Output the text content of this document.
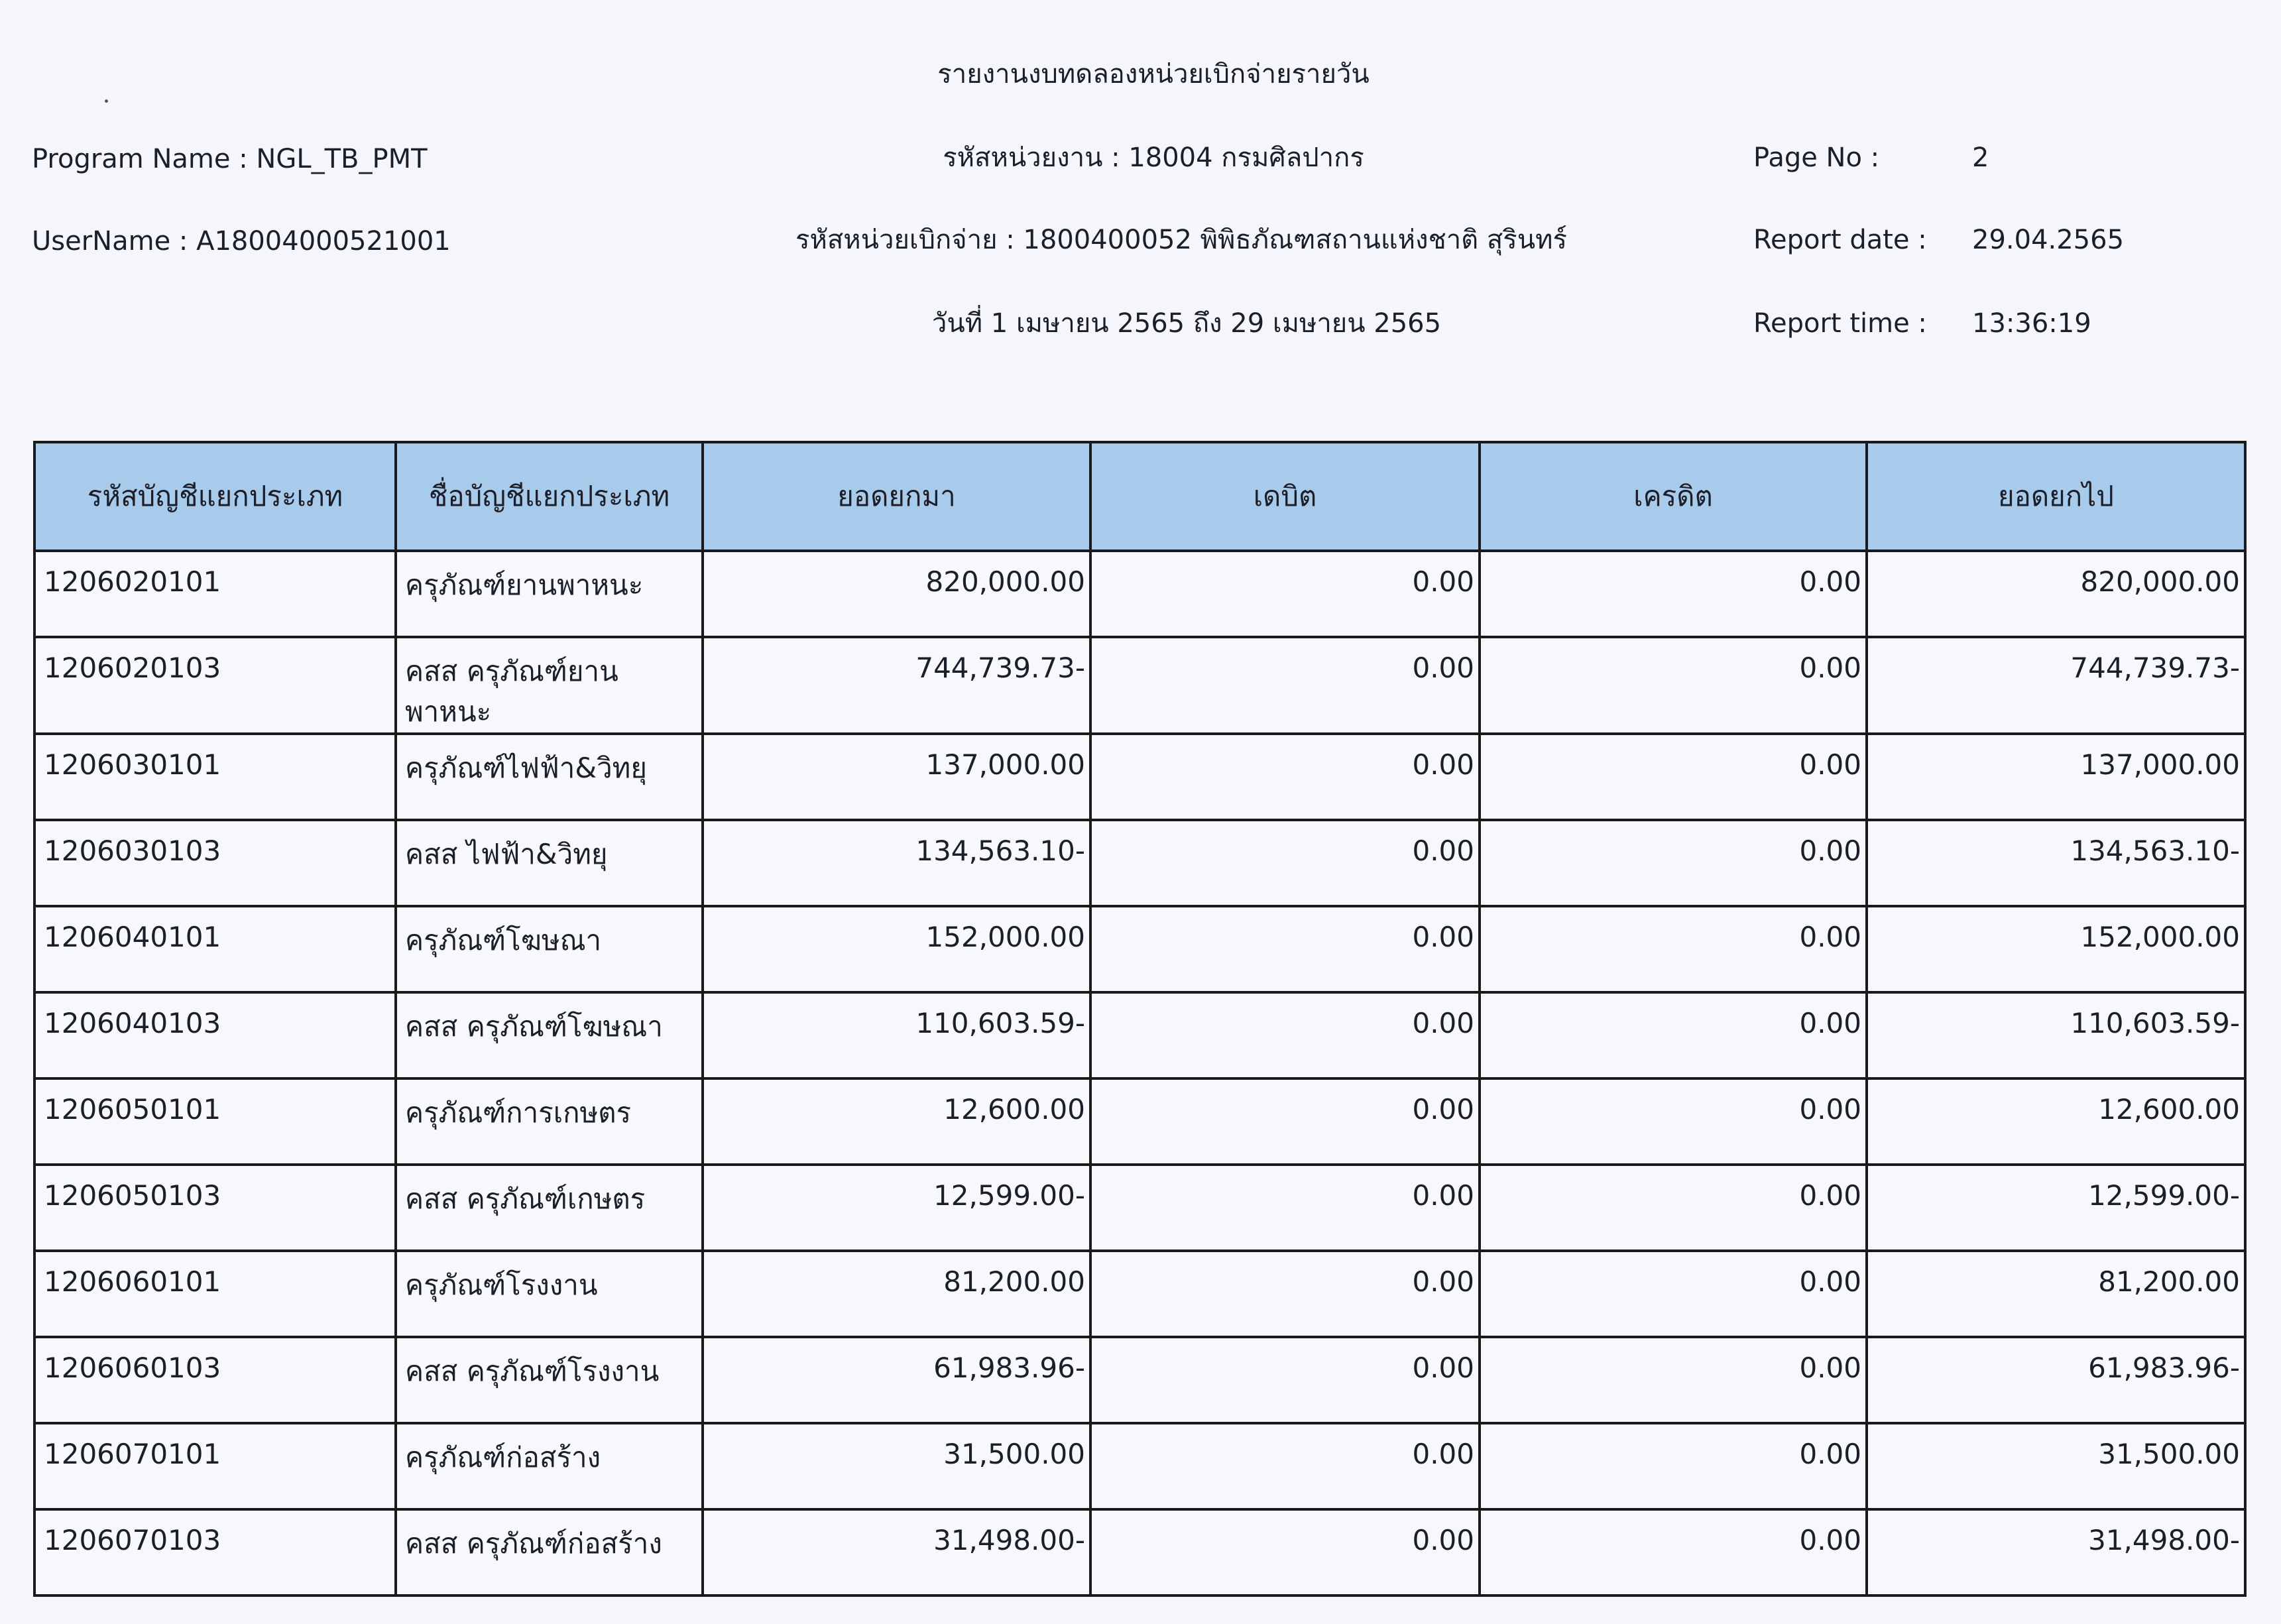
รายงานงบทดลองหน่วยเบิกจ่ายรายวัน
Program Name : NGL_TB_PMT	รหัสหน่วยงาน : 18004 กรมศิลปากร	Page No :	2
UserName : A18004000521001	รหัสหน่วยเบิกจ่าย : 1800400052 พิพิธภัณฑสถานแห่งชาติ สุรินทร์	Report date : 29.04.2565
วันที่ 1 เมษายน 2565 ถึง 29 เมษายน 2565	Report time : 13:36:19
รหัสบัญชีแยกประเภท	ชื่อบัญชีแยกประเภท	ยอดยกมา	เดบิต	เครดิต	ยอดยกไป
1206020101	ครุภัณฑ์ยานพาหนะ	820,000.00	0.00	0.00	820,000.00
1206020103	คสส ครุภัณฑ์ยานพาหนะ	744,739.73-	0.00	0.00	744,739.73-
1206030101	ครุภัณฑ์ไฟฟ้า&วิทยุ	137,000.00	0.00	0.00	137,000.00
1206030103	คสส ไฟฟ้า&วิทยุ	134,563.10-	0.00	0.00	134,563.10-
1206040101	ครุภัณฑ์โฆษณา	152,000.00	0.00	0.00	152,000.00
1206040103	คสส ครุภัณฑ์โฆษณา	110,603.59-	0.00	0.00	110,603.59-
1206050101	ครุภัณฑ์การเกษตร	12,600.00	0.00	0.00	12,600.00
1206050103	คสส ครุภัณฑ์เกษตร	12,599.00-	0.00	0.00	12,599.00-
1206060101	ครุภัณฑ์โรงงาน	81,200.00	0.00	0.00	81,200.00
1206060103	คสส ครุภัณฑ์โรงงาน	61,983.96-	0.00	0.00	61,983.96-
1206070101	ครุภัณฑ์ก่อสร้าง	31,500.00	0.00	0.00	31,500.00
1206070103	คสส ครุภัณฑ์ก่อสร้าง	31,498.00-	0.00	0.00	31,498.00-
